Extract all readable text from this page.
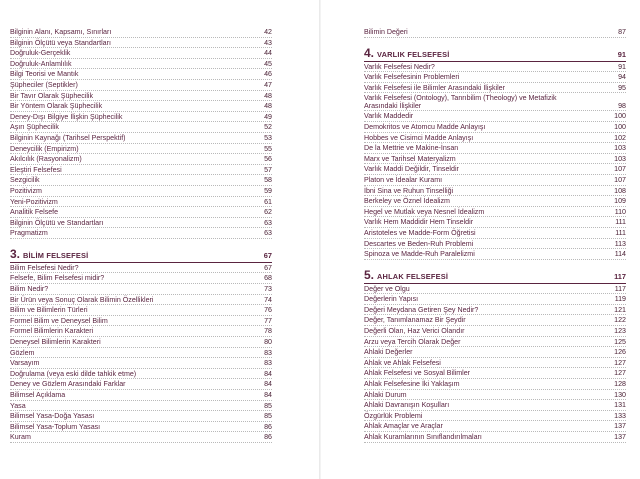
Bilginin Alanı, Kapsamı, Sınırları	42
Bilginin Ölçütü veya Standartları	43
Doğruluk-Gerçeklik	44
Doğruluk-Anlamlılık	45
Bilgi Teorisi ve Mantık	46
Şüpheciler (Septikler)	47
Bir Tavır Olarak Şüphecilik	48
Bir Yöntem Olarak Şüphecilik	48
Deney-Dışı Bilgiye İlişkin Şüphecilik	49
Aşırı Şüphecilik	52
Bilginin Kaynağı (Tarihsel Perspektif)	53
Deneycilik (Empirizm)	55
Akılcılık (Rasyonalizm)	56
Eleştiri Felsefesi	57
Sezgicilik	58
Pozitivizm	59
Yeni-Pozitivizm	61
Analitik Felsefe	62
Bilginin Ölçütü ve Standartları	63
Pragmatizm	63
3. BİLİM FELSEFESİ	67
Bilim Felsefesi Nedir?	67
Felsefe, Bilim Felsefesi midir?	68
Bilim Nedir?	73
Bir Ürün veya Sonuç Olarak Bilimin Özellikleri	74
Bilim ve Bilimlerin Türleri	76
Formel Bilim ve Deneysel Bilim	77
Formel Bilimlerin Karakteri	78
Deneysel Bilimlerin Karakteri	80
Gözlem	83
Varsayım	83
Doğrulama (veya eski dilde tahkik etme)	84
Deney ve Gözlem Arasındaki Farklar	84
Bilimsel Açıklama	84
Yasa	85
Bilimsel Yasa-Doğa Yasası	85
Bilimsel Yasa-Toplum Yasası	86
Kuram	86
Bilimin Değeri	87
4. VARLIK FELSEFESİ	91
Varlık Felsefesi Nedir?	91
Varlık Felsefesinin Problemleri	94
Varlık Felsefesi ile Bilimler Arasındaki İlişkiler	95
Varlık Felsefesi (Ontology), Tanrıbilim (Theology) ve Metafizik Arasındaki İlişkiler	98
Varlık Maddedir	100
Demokritos ve Atomcu Madde Anlayışı	100
Hobbes ve Cisimci Madde Anlayışı	102
De la Mettrie ve Makine-İnsan	103
Marx ve Tarihsel Materyalizm	103
Varlık Maddi Değildir, Tinseldir	107
Platon ve İdealar Kuramı	107
İbni Sina ve Ruhun Tinselliği	108
Berkeley ve Öznel İdealizm	109
Hegel ve Mutlak veya Nesnel İdealizm	110
Varlık Hem Maddidir Hem Tinseldir	111
Aristoteles ve Madde-Form Öğretisi	111
Descartes ve Beden-Ruh Problemi	113
Spinoza ve Madde-Ruh Paralelizmi	114
5. AHLAK FELSEFESİ	117
Değer ve Olgu	117
Değerlerin Yapısı	119
Değeri Meydana Getiren Şey Nedir?	121
Değer, Tanımlanamaz Bir Şeydir	122
Değerli Olan, Haz Verici Olandır	123
Arzu veya Tercih Olarak Değer	125
Ahlaki Değerler	126
Ahlak ve Ahlak Felsefesi	127
Ahlak Felsefesi ve Sosyal Bilimler	127
Ahlak Felsefesine İki Yaklaşım	128
Ahlaki Durum	130
Ahlaki Davranışın Koşulları	131
Özgürlük Problemi	133
Ahlak Amaçlar ve Araçlar	137
Ahlak Kuramlarının Sınıflandırılmaları	137
